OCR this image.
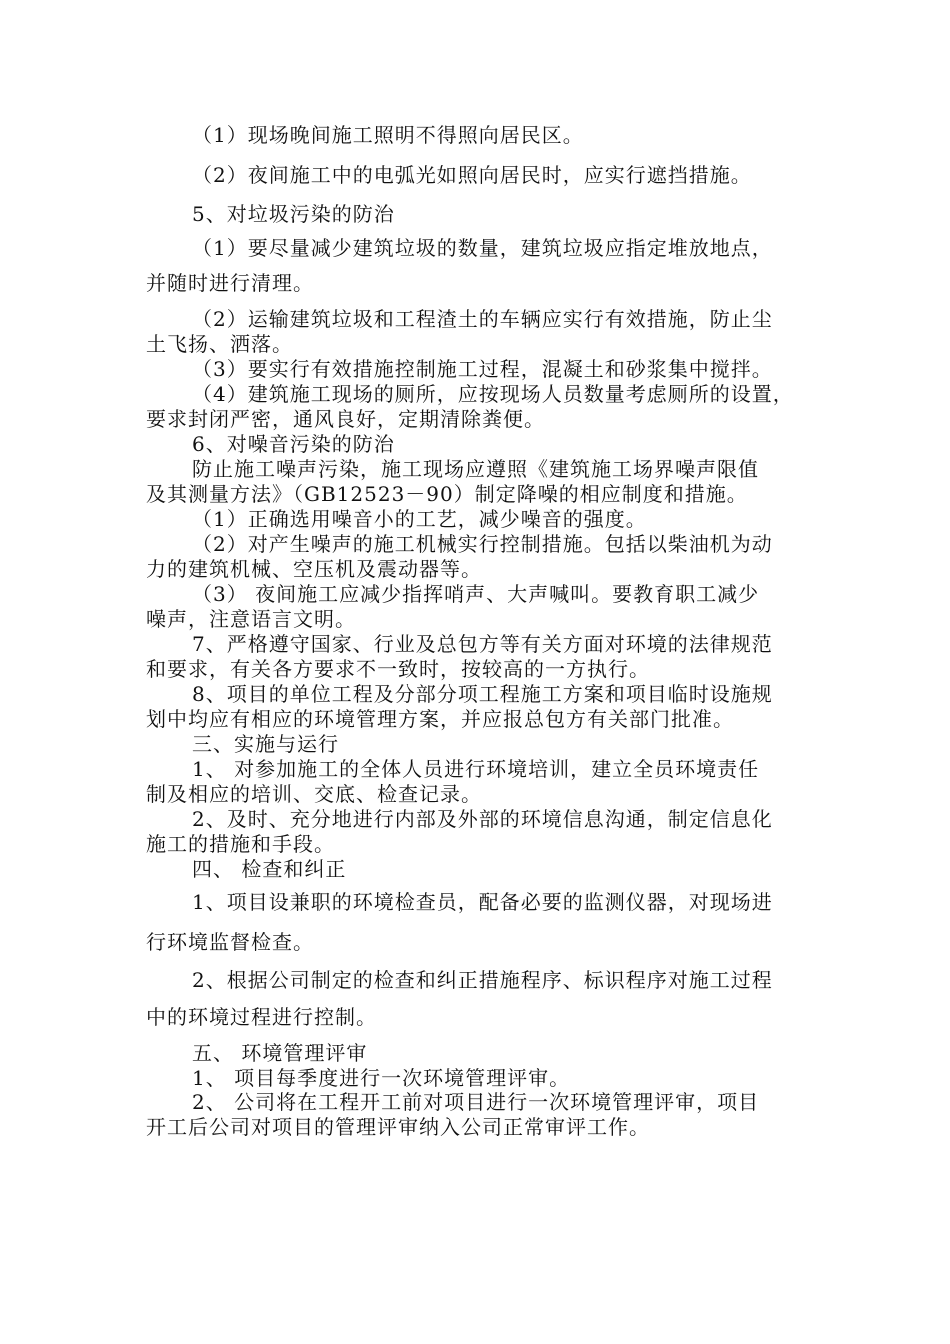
（1）现场晚间施工照明不得照向居民区。
（2）夜间施工中的电弧光如照向居民时，应实行遮挡措施。
5、对垃圾污染的防治
（1）要尽量减少建筑垃圾的数量，建筑垃圾应指定堆放地点，
并随时进行清理。
（2）运输建筑垃圾和工程渣土的车辆应实行有效措施，防止尘
土飞扬、洒落。
（3）要实行有效措施控制施工过程，混凝土和砂浆集中搅拌。
（4）建筑施工现场的厕所，应按现场人员数量考虑厕所的设置，
要求封闭严密，通风良好，定期清除粪便。
6、对噪音污染的防治
防止施工噪声污染，施工现场应遵照《建筑施工场界噪声限值
及其测量方法》（GB12523－90）制定降噪的相应制度和措施。
（1）正确选用噪音小的工艺，减少噪音的强度。
（2）对产生噪声的施工机械实行控制措施。包括以柴油机为动
力的建筑机械、空压机及震动器等。
（3） 夜间施工应减少指挥哨声、大声喊叫。要教育职工减少
噪声，注意语言文明。
7、严格遵守国家、行业及总包方等有关方面对环境的法律规范
和要求，有关各方要求不一致时，按较高的一方执行。
8、项目的单位工程及分部分项工程施工方案和项目临时设施规
划中均应有相应的环境管理方案，并应报总包方有关部门批准。
三、实施与运行
1、 对参加施工的全体人员进行环境培训，建立全员环境责任
制及相应的培训、交底、检查记录。
2、及时、充分地进行内部及外部的环境信息沟通，制定信息化
施工的措施和手段。
四、 检查和纠正
1、项目设兼职的环境检查员，配备必要的监测仪器，对现场进
行环境监督检查。
2、根据公司制定的检查和纠正措施程序、标识程序对施工过程
中的环境过程进行控制。
五、 环境管理评审
1、 项目每季度进行一次环境管理评审。
2、 公司将在工程开工前对项目进行一次环境管理评审，项目
开工后公司对项目的管理评审纳入公司正常审评工作。
